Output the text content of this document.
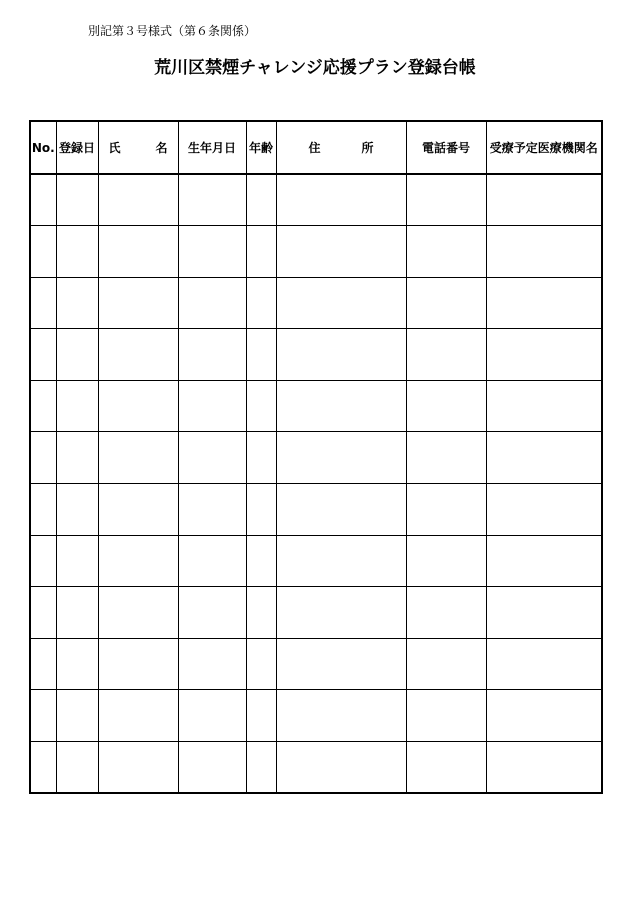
別記第３号様式（第６条関係）
荒川区禁煙チャレンジ応援プラン登録台帳
No.	登録日	氏 名	生年月日	年齢	住 所	電話番号	受療予定医療機関名
